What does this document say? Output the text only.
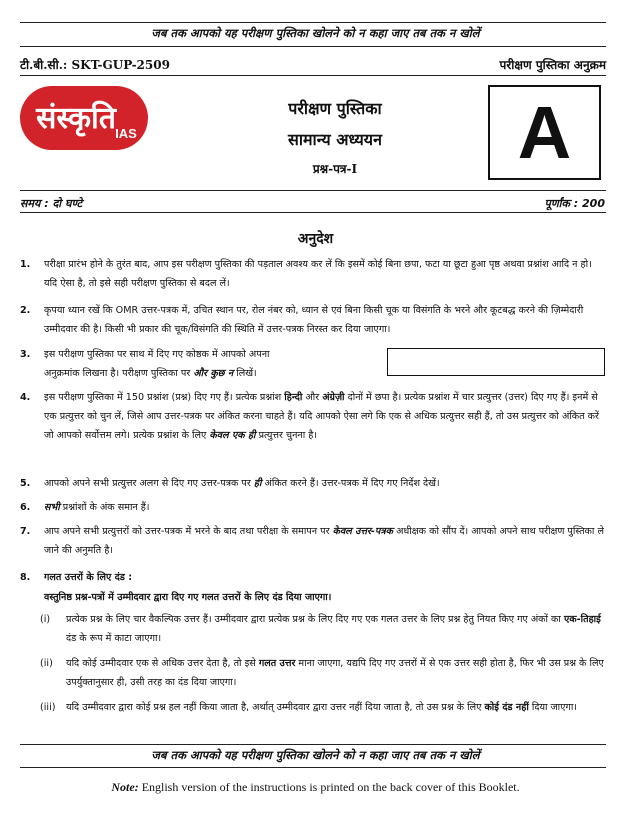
जब तक आपको यह परीक्षण पुस्तिका खोलने को न कहा जाए तब तक न खोलें
टी.बी.सी.: SKT-GUP-2509	परीक्षण पुस्तिका अनुक्रम
संस्कृति IAS
परीक्षण पुस्तिका
सामान्य अध्ययन
प्रश्न-पत्र-I	A
समय : दो घण्टे	पूर्णांक : 200
अनुदेश
1.	परीक्षा प्रारंभ होने के तुरंत बाद, आप इस परीक्षण पुस्तिका की पड़ताल अवश्य कर लें कि इसमें कोई बिना छपा, फटा या छूटा हुआ पृष्ठ अथवा प्रश्नांश आदि न हो। यदि ऐसा है, तो इसे सही परीक्षण पुस्तिका से बदल लें।
2.	कृपया ध्यान रखें कि OMR उत्तर-पत्रक में, उचित स्थान पर, रोल नंबर को, ध्यान से एवं बिना किसी चूक या विसंगति के भरने और कूटबद्ध करने की ज़िम्मेदारी उम्मीदवार की है। किसी भी प्रकार की चूक/विसंगति की स्थिति में उत्तर-पत्रक निरस्त कर दिया जाएगा।
3.	इस परीक्षण पुस्तिका पर साथ में दिए गए कोष्ठक में आपको अपना
अनुक्रमांक लिखना है। परीक्षण पुस्तिका पर और कुछ न लिखें।
4.	इस परीक्षण पुस्तिका में 150 प्रश्नांश (प्रश्न) दिए गए हैं। प्रत्येक प्रश्नांश हिन्दी और अंग्रेज़ी दोनों में छपा है। प्रत्येक प्रश्नांश में चार प्रत्युत्तर (उत्तर) दिए गए हैं। इनमें से एक प्रत्युत्तर को चुन लें, जिसे आप उत्तर-पत्रक पर अंकित करना चाहते हैं। यदि आपको ऐसा लगे कि एक से अधिक प्रत्युत्तर सही हैं, तो उस प्रत्युत्तर को अंकित करें जो आपको सर्वोत्तम लगे। प्रत्येक प्रश्नांश के लिए केवल एक ही प्रत्युत्तर चुनना है।
5.	आपको अपने सभी प्रत्युत्तर अलग से दिए गए उत्तर-पत्रक पर ही अंकित करने हैं। उत्तर-पत्रक में दिए गए निर्देश देखें।
6.	सभी प्रश्नांशों के अंक समान हैं।
7.	आप अपने सभी प्रत्युत्तरों को उत्तर-पत्रक में भरने के बाद तथा परीक्षा के समापन पर केवल उत्तर-पत्रक अधीक्षक को सौंप दें। आपको अपने साथ परीक्षण पुस्तिका ले जाने की अनुमति है।
8.	गलत उत्तरों के लिए दंड :
वस्तुनिष्ठ प्रश्न-पत्रों में उम्मीदवार द्वारा दिए गए गलत उत्तरों के लिए दंड दिया जाएगा।
(i)	प्रत्येक प्रश्न के लिए चार वैकल्पिक उत्तर हैं। उम्मीदवार द्वारा प्रत्येक प्रश्न के लिए दिए गए एक गलत उत्तर के लिए प्रश्न हेतु नियत किए गए अंकों का एक-तिहाई दंड के रूप में काटा जाएगा।
(ii)	यदि कोई उम्मीदवार एक से अधिक उत्तर देता है, तो इसे गलत उत्तर माना जाएगा, यद्यपि दिए गए उत्तरों में से एक उत्तर सही होता है, फिर भी उस प्रश्न के लिए उपर्युक्तानुसार ही, उसी तरह का दंड दिया जाएगा।
(iii)	यदि उम्मीदवार द्वारा कोई प्रश्न हल नहीं किया जाता है, अर्थात् उम्मीदवार द्वारा उत्तर नहीं दिया जाता है, तो उस प्रश्न के लिए कोई दंड नहीं दिया जाएगा।
जब तक आपको यह परीक्षण पुस्तिका खोलने को न कहा जाए तब तक न खोलें
Note: English version of the instructions is printed on the back cover of this Booklet.
